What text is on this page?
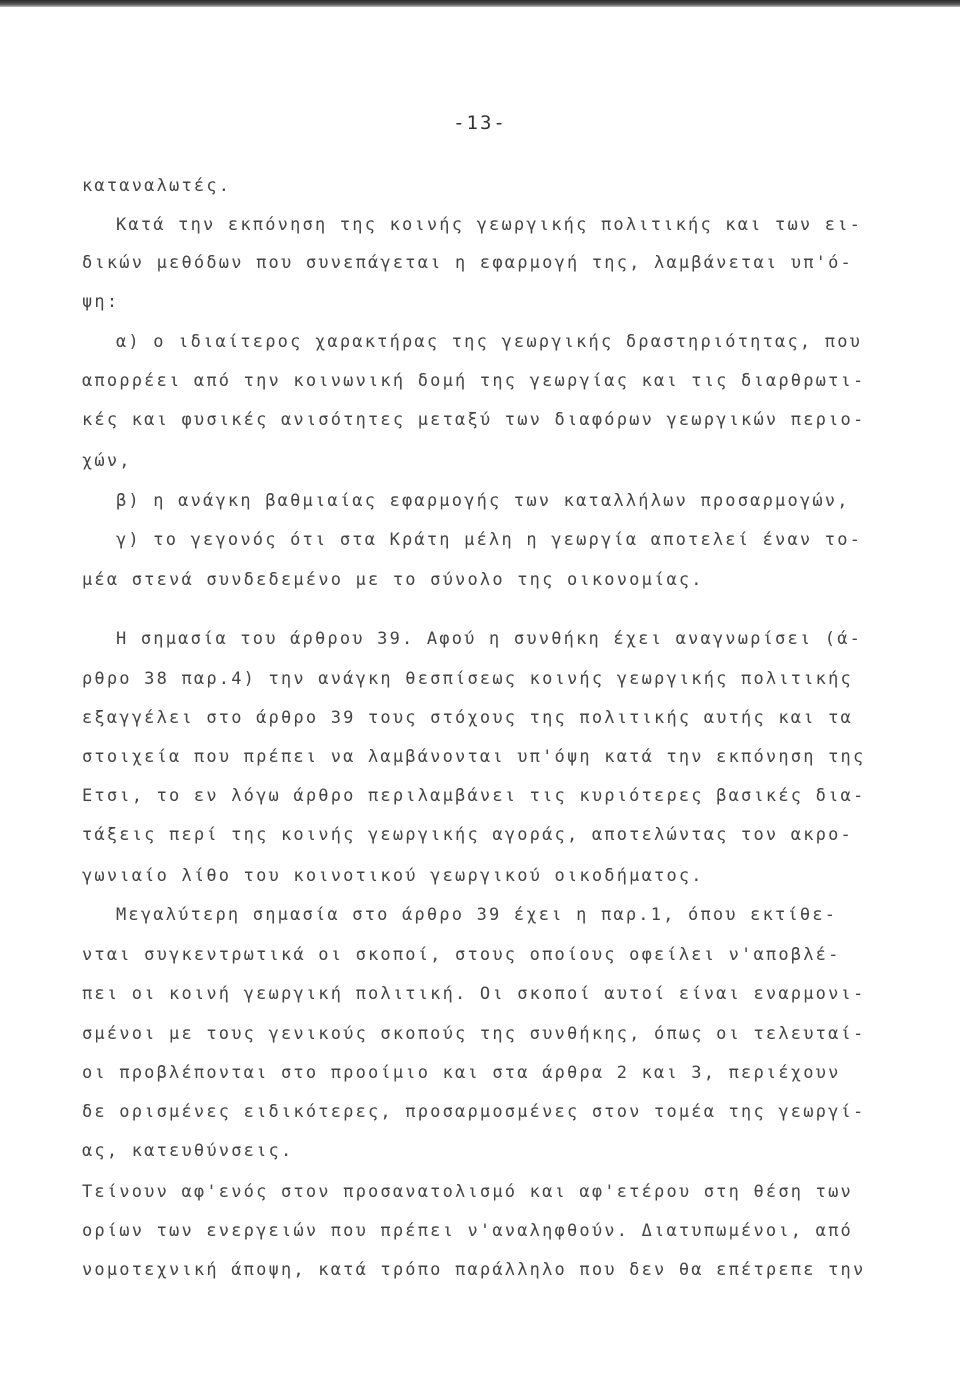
-13-
καταναλωτές.
Κατά την εκπόνηση της κοινής γεωργικής πολιτικής και των ει-
δικών μεθόδων που συνεπάγεται η εφαρμογή της, λαμβάνεται υπ'ό-
ψη:
α) ο ιδιαίτερος χαρακτήρας της γεωργικής δραστηριότητας, που
απορρέει από την κοινωνική δομή της γεωργίας και τις διαρθρωτι-
κές και φυσικές ανισότητες μεταξύ των διαφόρων γεωργικών περιο-
χών,
β) η ανάγκη βαθμιαίας εφαρμογής των καταλλήλων προσαρμογών,
γ) το γεγονός ότι στα Κράτη μέλη η γεωργία αποτελεί έναν το-
μέα στενά συνδεδεμένο με το σύνολο της οικονομίας.
Η σημασία του άρθρου 39. Αφού η συνθήκη έχει αναγνωρίσει (ά-
ρθρο 38 παρ.4) την ανάγκη θεσπίσεως κοινής γεωργικής πολιτικής
εξαγγέλει στο άρθρο 39 τους στόχους της πολιτικής αυτής και τα
στοιχεία που πρέπει να λαμβάνονται υπ'όψη κατά την εκπόνηση της
Ετσι, το εν λόγω άρθρο περιλαμβάνει τις κυριότερες βασικές δια-
τάξεις περί της κοινής γεωργικής αγοράς, αποτελώντας τον ακρο-
γωνιαίο λίθο του κοινοτικού γεωργικού οικοδήματος.
Μεγαλύτερη σημασία στο άρθρο 39 έχει η παρ.1, όπου εκτίθε-
νται συγκεντρωτικά οι σκοποί, στους οποίους οφείλει ν'αποβλέ-
πει οι κοινή γεωργική πολιτική. Οι σκοποί αυτοί είναι εναρμονι-
σμένοι με τους γενικούς σκοπούς της συνθήκης, όπως οι τελευταί-
οι προβλέπονται στο προοίμιο και στα άρθρα 2 και 3, περιέχουν
δε ορισμένες ειδικότερες, προσαρμοσμένες στον τομέα της γεωργί-
ας, κατευθύνσεις.
Τείνουν αφ'ενός στον προσανατολισμό και αφ'ετέρου στη θέση των
ορίων των ενεργειών που πρέπει ν'αναληφθούν. Διατυπωμένοι, από
νομοτεχνική άποψη, κατά τρόπο παράλληλο που δεν θα επέτρεπε την
